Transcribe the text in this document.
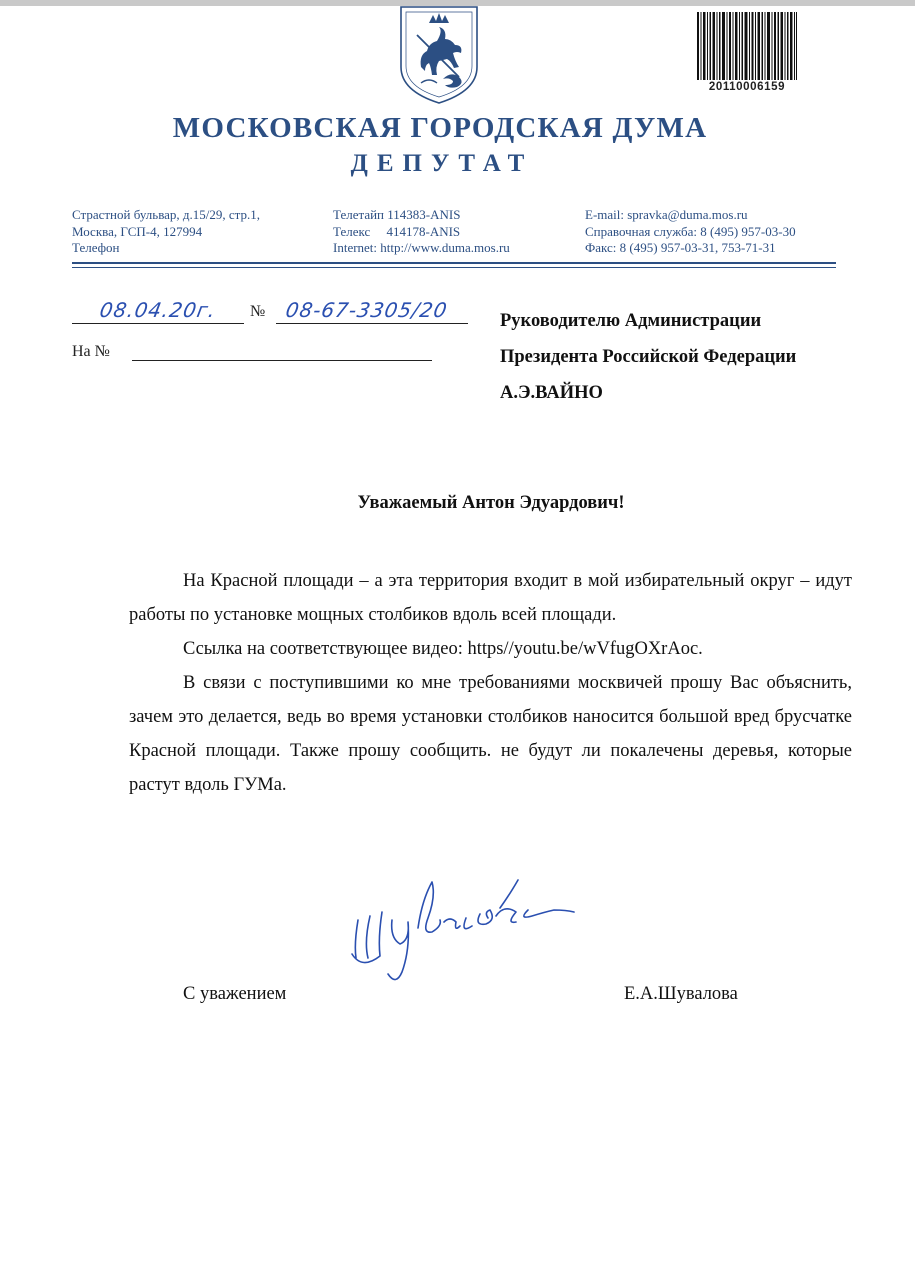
20110006159
МОСКОВСКАЯ ГОРОДСКАЯ ДУМА
ДЕПУТАТ
Страстной бульвар, д.15/29, стр.1,
Москва, ГСП-4, 127994
Телефон
Телетайп 114383-ANIS
Телекс     414178-ANIS
Internet: http://www.duma.mos.ru
E-mail: spravka@duma.mos.ru
Справочная служба: 8 (495) 957-03-30
Факс: 8 (495) 957-03-31, 753-71-31
08.04.20г. № 08-67-3305/20
На №
Руководителю Администрации
Президента Российской Федерации
А.Э.ВАЙНО
Уважаемый Антон Эдуардович!

На Красной площади – а эта территория входит в мой избирательный округ – идут работы по установке мощных столбиков вдоль всей площади.

Ссылка на соответствующее видео: https//youtu.be/wVfugOXrAoc.

В связи с поступившими ко мне требованиями москвичей прошу Вас объяснить, зачем это делается, ведь во время установки столбиков наносится большой вред брусчатке Красной площади. Также прошу сообщить. не будут ли покалечены деревья, которые растут вдоль ГУМа.

С уважением	Е.А.Шувалова
